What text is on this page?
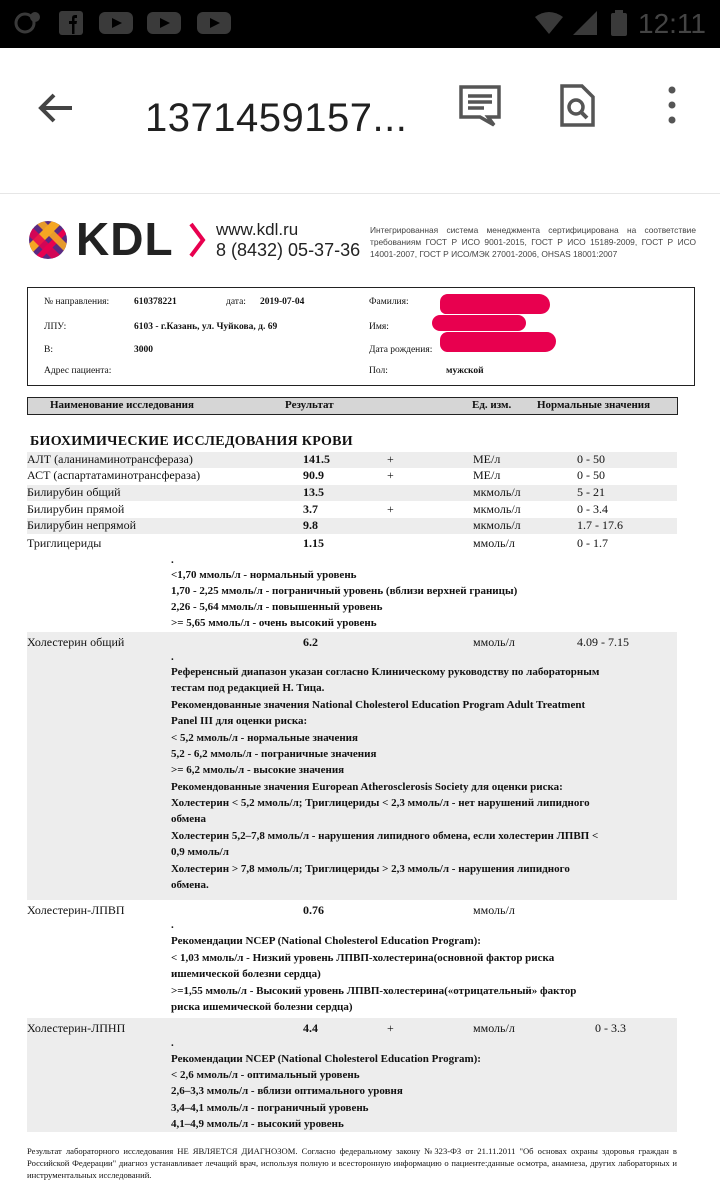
12:11
1371459157...
KDL www.kdl.ru
8 (8432) 05-37-36
Интегрированная система менеджмента сертифицирована на соответствие требованиям ГОСТ Р ИСО 9001-2015, ГОСТ Р ИСО 15189-2009, ГОСТ Р ИСО 14001-2007, ГОСТ Р ИСО/МЭК 27001-2006, OHSAS 18001:2007
№ направления:	610378221	дата: 2019-07-04
ЛПУ:	6103 - г.Казань, ул. Чуйкова, д. 69
В:	3000
Адрес пациента:
Фамилия:
Имя:
Дата рождения:
Пол:	мужской
Наименование исследования	Результат	Ед. изм. Нормальные значения
БИОХИМИЧЕСКИЕ ИССЛЕДОВАНИЯ КРОВИ
АЛТ (аланинаминотрансфераза)	141.5	+	МЕ/л	0 - 50
АСТ (аспартатаминотрансфераза)	90.9	+	МЕ/л	0 - 50
Билирубин общий	13.5	мкмоль/л	5 - 21
Билирубин прямой	3.7	+	мкмоль/л	0 - 3.4
Билирубин непрямой	9.8	мкмоль/л	1.7 - 17.6
Триглицериды	1.15	ммоль/л	0 - 1.7
.
<1,70 ммоль/л - нормальный уровень
1,70 - 2,25 ммоль/л - пограничный уровень (вблизи верхней границы)
2,26 - 5,64 ммоль/л - повышенный уровень
>= 5,65 ммоль/л - очень высокий уровень
Холестерин общий	6.2	ммоль/л	4.09 - 7.15
.
Референсный диапазон указан согласно Клиническому руководству по лабораторным
тестам под редакцией Н. Тица.
Рекомендованные значения National Cholesterol Education Program Adult Treatment
Panel III для оценки риска:
< 5,2 ммоль/л - нормальные значения
5,2 - 6,2 ммоль/л - пограничные значения
>= 6,2 ммоль/л - высокие значения
Рекомендованные значения European Atherosclerosis Society для оценки риска:
Холестерин < 5,2 ммоль/л; Триглицериды < 2,3 ммоль/л - нет нарушений липидного
обмена
Холестерин 5,2–7,8 ммоль/л - нарушения липидного обмена, если холестерин ЛПВП <
0,9 ммоль/л
Холестерин > 7,8 ммоль/л; Триглицериды > 2,3 ммоль/л - нарушения липидного
обмена.
Холестерин-ЛПВП	0.76	ммоль/л
.
Рекомендации NCEP (National Cholesterol Education Program):
< 1,03 ммоль/л - Низкий уровень ЛПВП-холестерина(основной фактор риска
ишемической болезни сердца)
>=1,55 ммоль/л - Высокий уровень ЛПВП-холестерина(«отрицательный» фактор
риска ишемической болезни сердца)
Холестерин-ЛПНП	4.4	+	ммоль/л	0 - 3.3
.
Рекомендации NCEP (National Cholesterol Education Program):
< 2,6 ммоль/л - оптимальный уровень
2,6–3,3 ммоль/л - вблизи оптимального уровня
3,4–4,1 ммоль/л - пограничный уровень
4,1–4,9 ммоль/л - высокий уровень
Результат лабораторного исследования НЕ ЯВЛЯЕТСЯ ДИАГНОЗОМ. Согласно федеральному закону №323-ФЗ от 21.11.2011 "Об основах охраны здоровья граждан в Российской Федерации" диагноз устанавливает лечащий врач, используя полную и всесторонную информацию о пациенте:данные осмотра, анамнеза, других лабораторных и инструментальных исследований.
